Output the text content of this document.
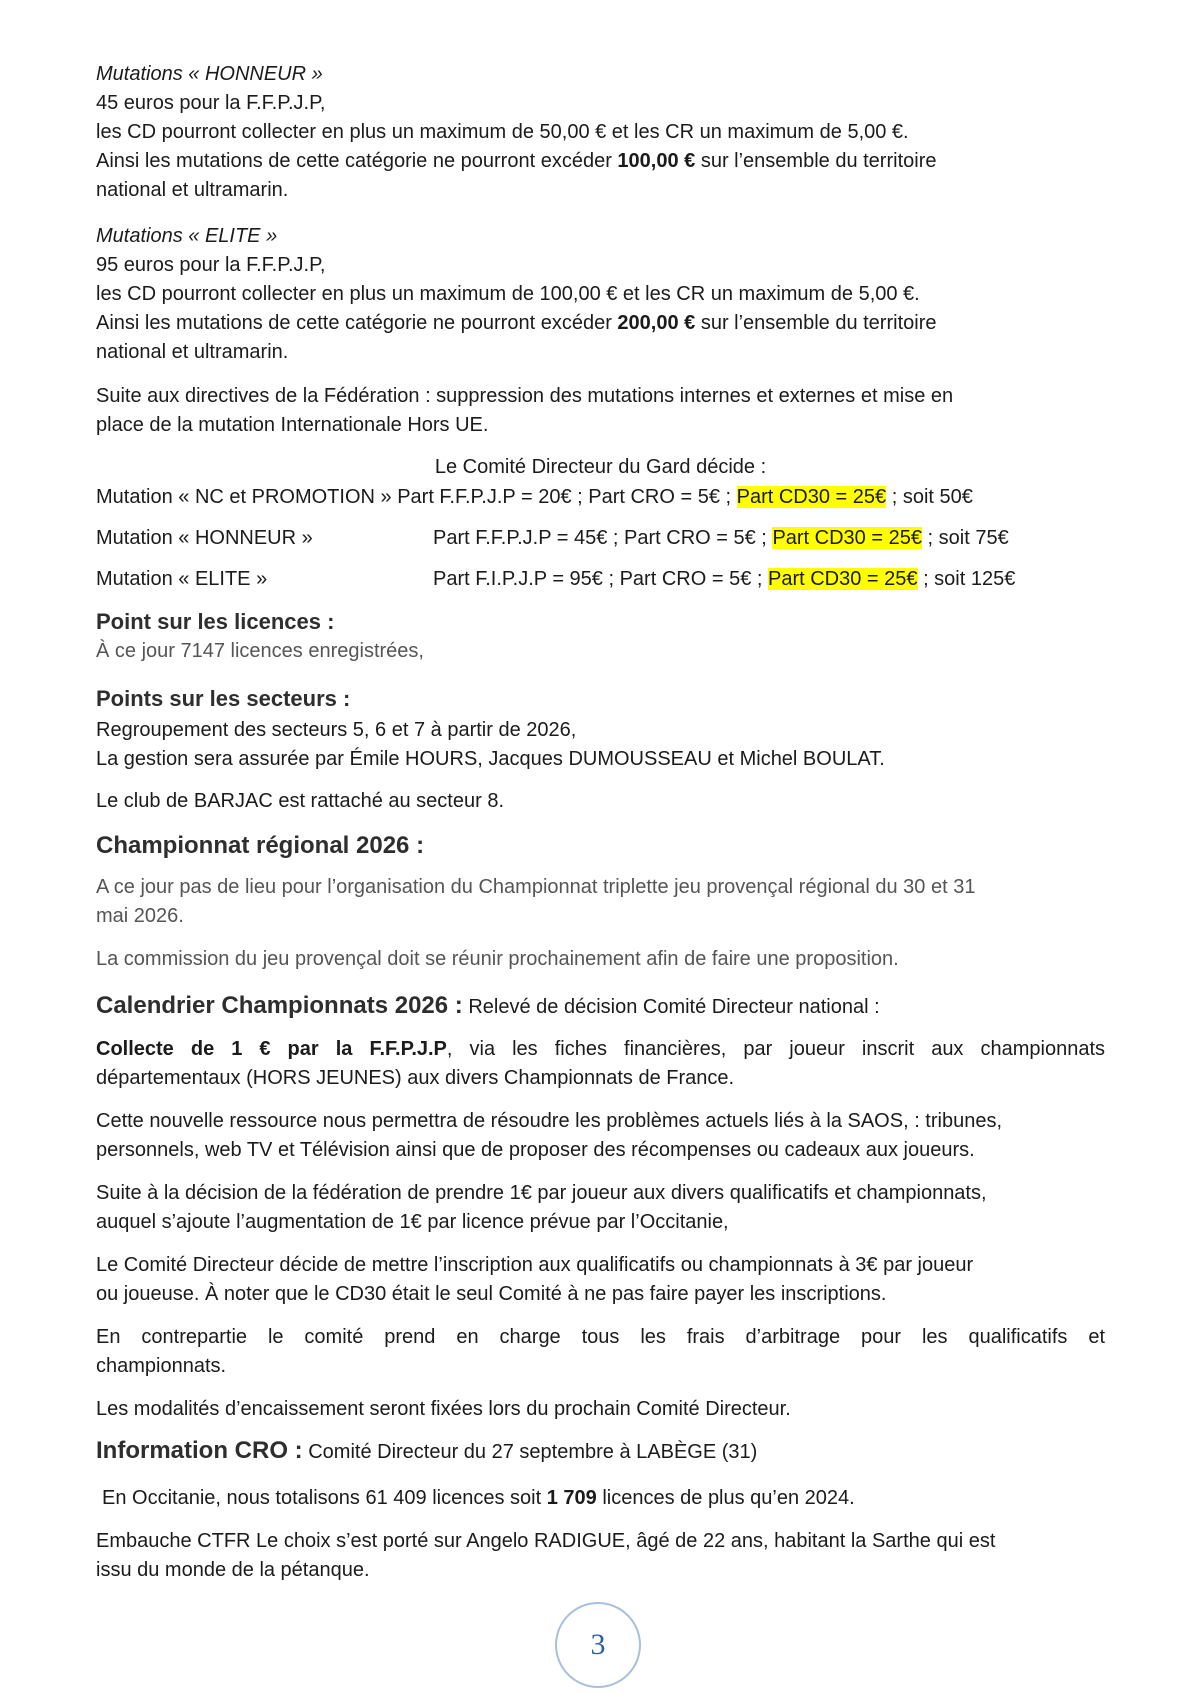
Mutations « HONNEUR »
45 euros pour la F.F.P.J.P,
les CD pourront collecter en plus un maximum de 50,00 € et les CR un maximum de 5,00 €.
Ainsi les mutations de cette catégorie ne pourront excéder 100,00 € sur l’ensemble du territoire
national et ultramarin.
Mutations « ELITE »
95 euros pour la F.F.P.J.P,
les CD pourront collecter en plus un maximum de 100,00 € et les CR un maximum de 5,00 €.
Ainsi les mutations de cette catégorie ne pourront excéder 200,00 € sur l’ensemble du territoire
national et ultramarin.
Suite aux directives de la Fédération : suppression des mutations internes et externes et mise en
place de la mutation Internationale Hors UE.
Le Comité Directeur du Gard décide :
Mutation « NC et PROMOTION » Part F.F.P.J.P = 20€ ; Part CRO = 5€ ; Part CD30 = 25€ ; soit 50€
Mutation « HONNEUR »	Part F.F.P.J.P = 45€ ; Part CRO = 5€ ; Part CD30 = 25€ ; soit 75€
Mutation « ELITE »	Part F.I.P.J.P = 95€ ; Part CRO = 5€ ; Part CD30 = 25€ ; soit 125€
Point sur les licences :
À ce jour 7147 licences enregistrées,
Points sur les secteurs :
Regroupement des secteurs 5, 6 et 7 à partir de 2026,
La gestion sera assurée par Émile HOURS, Jacques DUMOUSSEAU et Michel BOULAT.
Le club de BARJAC est rattaché au secteur 8.
Championnat régional 2026 :
A ce jour pas de lieu pour l’organisation du Championnat triplette jeu provençal régional du 30 et 31
mai 2026.
La commission du jeu provençal doit se réunir prochainement afin de faire une proposition.
Calendrier Championnats 2026 : Relevé de décision Comité Directeur national :
Collecte de 1 € par la F.F.P.J.P, via les fiches financières, par joueur inscrit aux championnats
départementaux (HORS JEUNES) aux divers Championnats de France.
Cette nouvelle ressource nous permettra de résoudre les problèmes actuels liés à la SAOS, : tribunes,
personnels, web TV et Télévision ainsi que de proposer des récompenses ou cadeaux aux joueurs.
Suite à la décision de la fédération de prendre 1€ par joueur aux divers qualificatifs et championnats,
auquel s’ajoute l’augmentation de 1€ par licence prévue par l’Occitanie,
Le Comité Directeur décide de mettre l’inscription aux qualificatifs ou championnats à 3€ par joueur
ou joueuse. À noter que le CD30 était le seul Comité à ne pas faire payer les inscriptions.
En contrepartie le comité prend en charge tous les frais d’arbitrage pour les qualificatifs et
championnats.
Les modalités d’encaissement seront fixées lors du prochain Comité Directeur.
Information CRO : Comité Directeur du 27 septembre à LABÈGE (31)
En Occitanie, nous totalisons 61 409 licences soit 1 709 licences de plus qu’en 2024.
Embauche CTFR Le choix s’est porté sur Angelo RADIGUE, âgé de 22 ans, habitant la Sarthe qui est
issu du monde de la pétanque.
3
